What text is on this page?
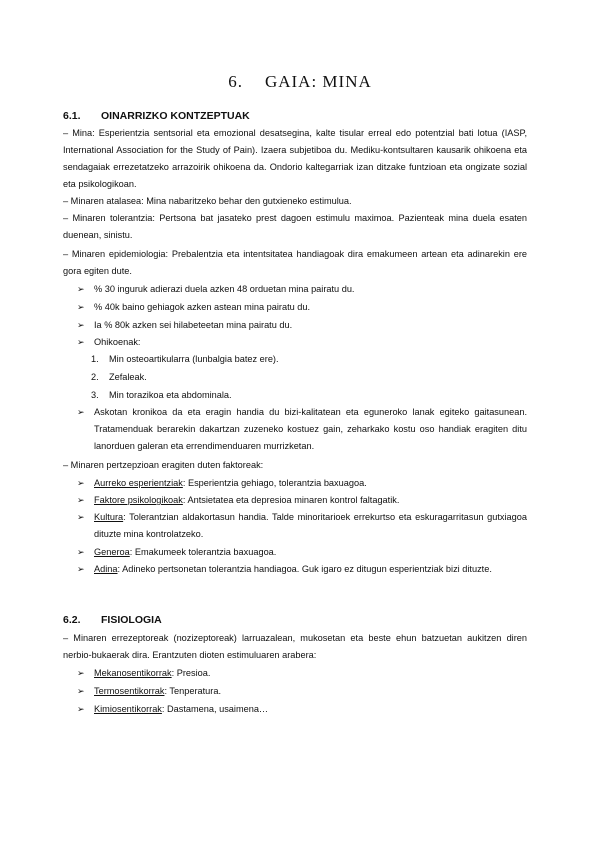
6. GAIA: MINA
6.1. OINARRIZKO KONTZEPTUAK
– Mina: Esperientzia sentsorial eta emozional desatsegina, kalte tisular erreal edo potentzial bati lotua (IASP, International Association for the Study of Pain). Izaera subjetiboa du. Mediku-kontsultaren kausarik ohikoena eta sendagaiak errezetatzeko arrazoirik ohikoena da. Ondorio kaltegarriak izan ditzake funtzioan eta ongizate sozial eta psikologikoan.
– Minaren atalasea: Mina nabaritzeko behar den gutxieneko estimulua.
– Minaren tolerantzia: Pertsona bat jasateko prest dagoen estimulu maximoa. Pazienteak mina duela esaten duenean, sinistu.
– Minaren epidemiologia: Prebalentzia eta intentsitatea handiagoak dira emakumeen artean eta adinarekin ere gora egiten dute.
➢	% 30 inguruk adierazi duela azken 48 orduetan mina pairatu du.
➢	% 40k baino gehiagok azken astean mina pairatu du.
➢	Ia % 80k azken sei hilabeteetan mina pairatu du.
➢	Ohikoenak:
1. Min osteoartikularra (lunbalgia batez ere).
2. Zefaleak.
3. Min torazikoa eta abdominala.
➢	Askotan kronikoa da eta eragin handia du bizi-kalitatean eta eguneroko lanak egiteko gaitasunean. Tratamenduak berarekin dakartzan zuzeneko kostuez gain, zeharkako kostu oso handiak eragiten ditu lanorduen galeran eta errendimenduaren murrizketan.
– Minaren pertzepzioan eragiten duten faktoreak:
➢	Aurreko esperientziak: Esperientzia gehiago, tolerantzia baxuagoa.
➢	Faktore psikologikoak: Antsietatea eta depresioa minaren kontrol faltagatik.
➢	Kultura: Tolerantzian aldakortasun handia. Talde minoritarioek errekurtso eta eskuragarritasun gutxiagoa dituzte mina kontrolatzeko.
➢	Generoa: Emakumeek tolerantzia baxuagoa.
➢	Adina: Adineko pertsonetan tolerantzia handiagoa. Guk igaro ez ditugun esperientziak bizi dituzte.
6.2. FISIOLOGIA
– Minaren errezeptoreak (nozizeptoreak) larruazalean, mukosetan eta beste ehun batzuetan aukitzen diren nerbio-bukaerak dira. Erantzuten dioten estimuluaren arabera:
➢	Mekanosentikorrak: Presioa.
➢	Termosentikorrak: Tenperatura.
➢	Kimiosentikorrak: Dastamena, usaimena…
